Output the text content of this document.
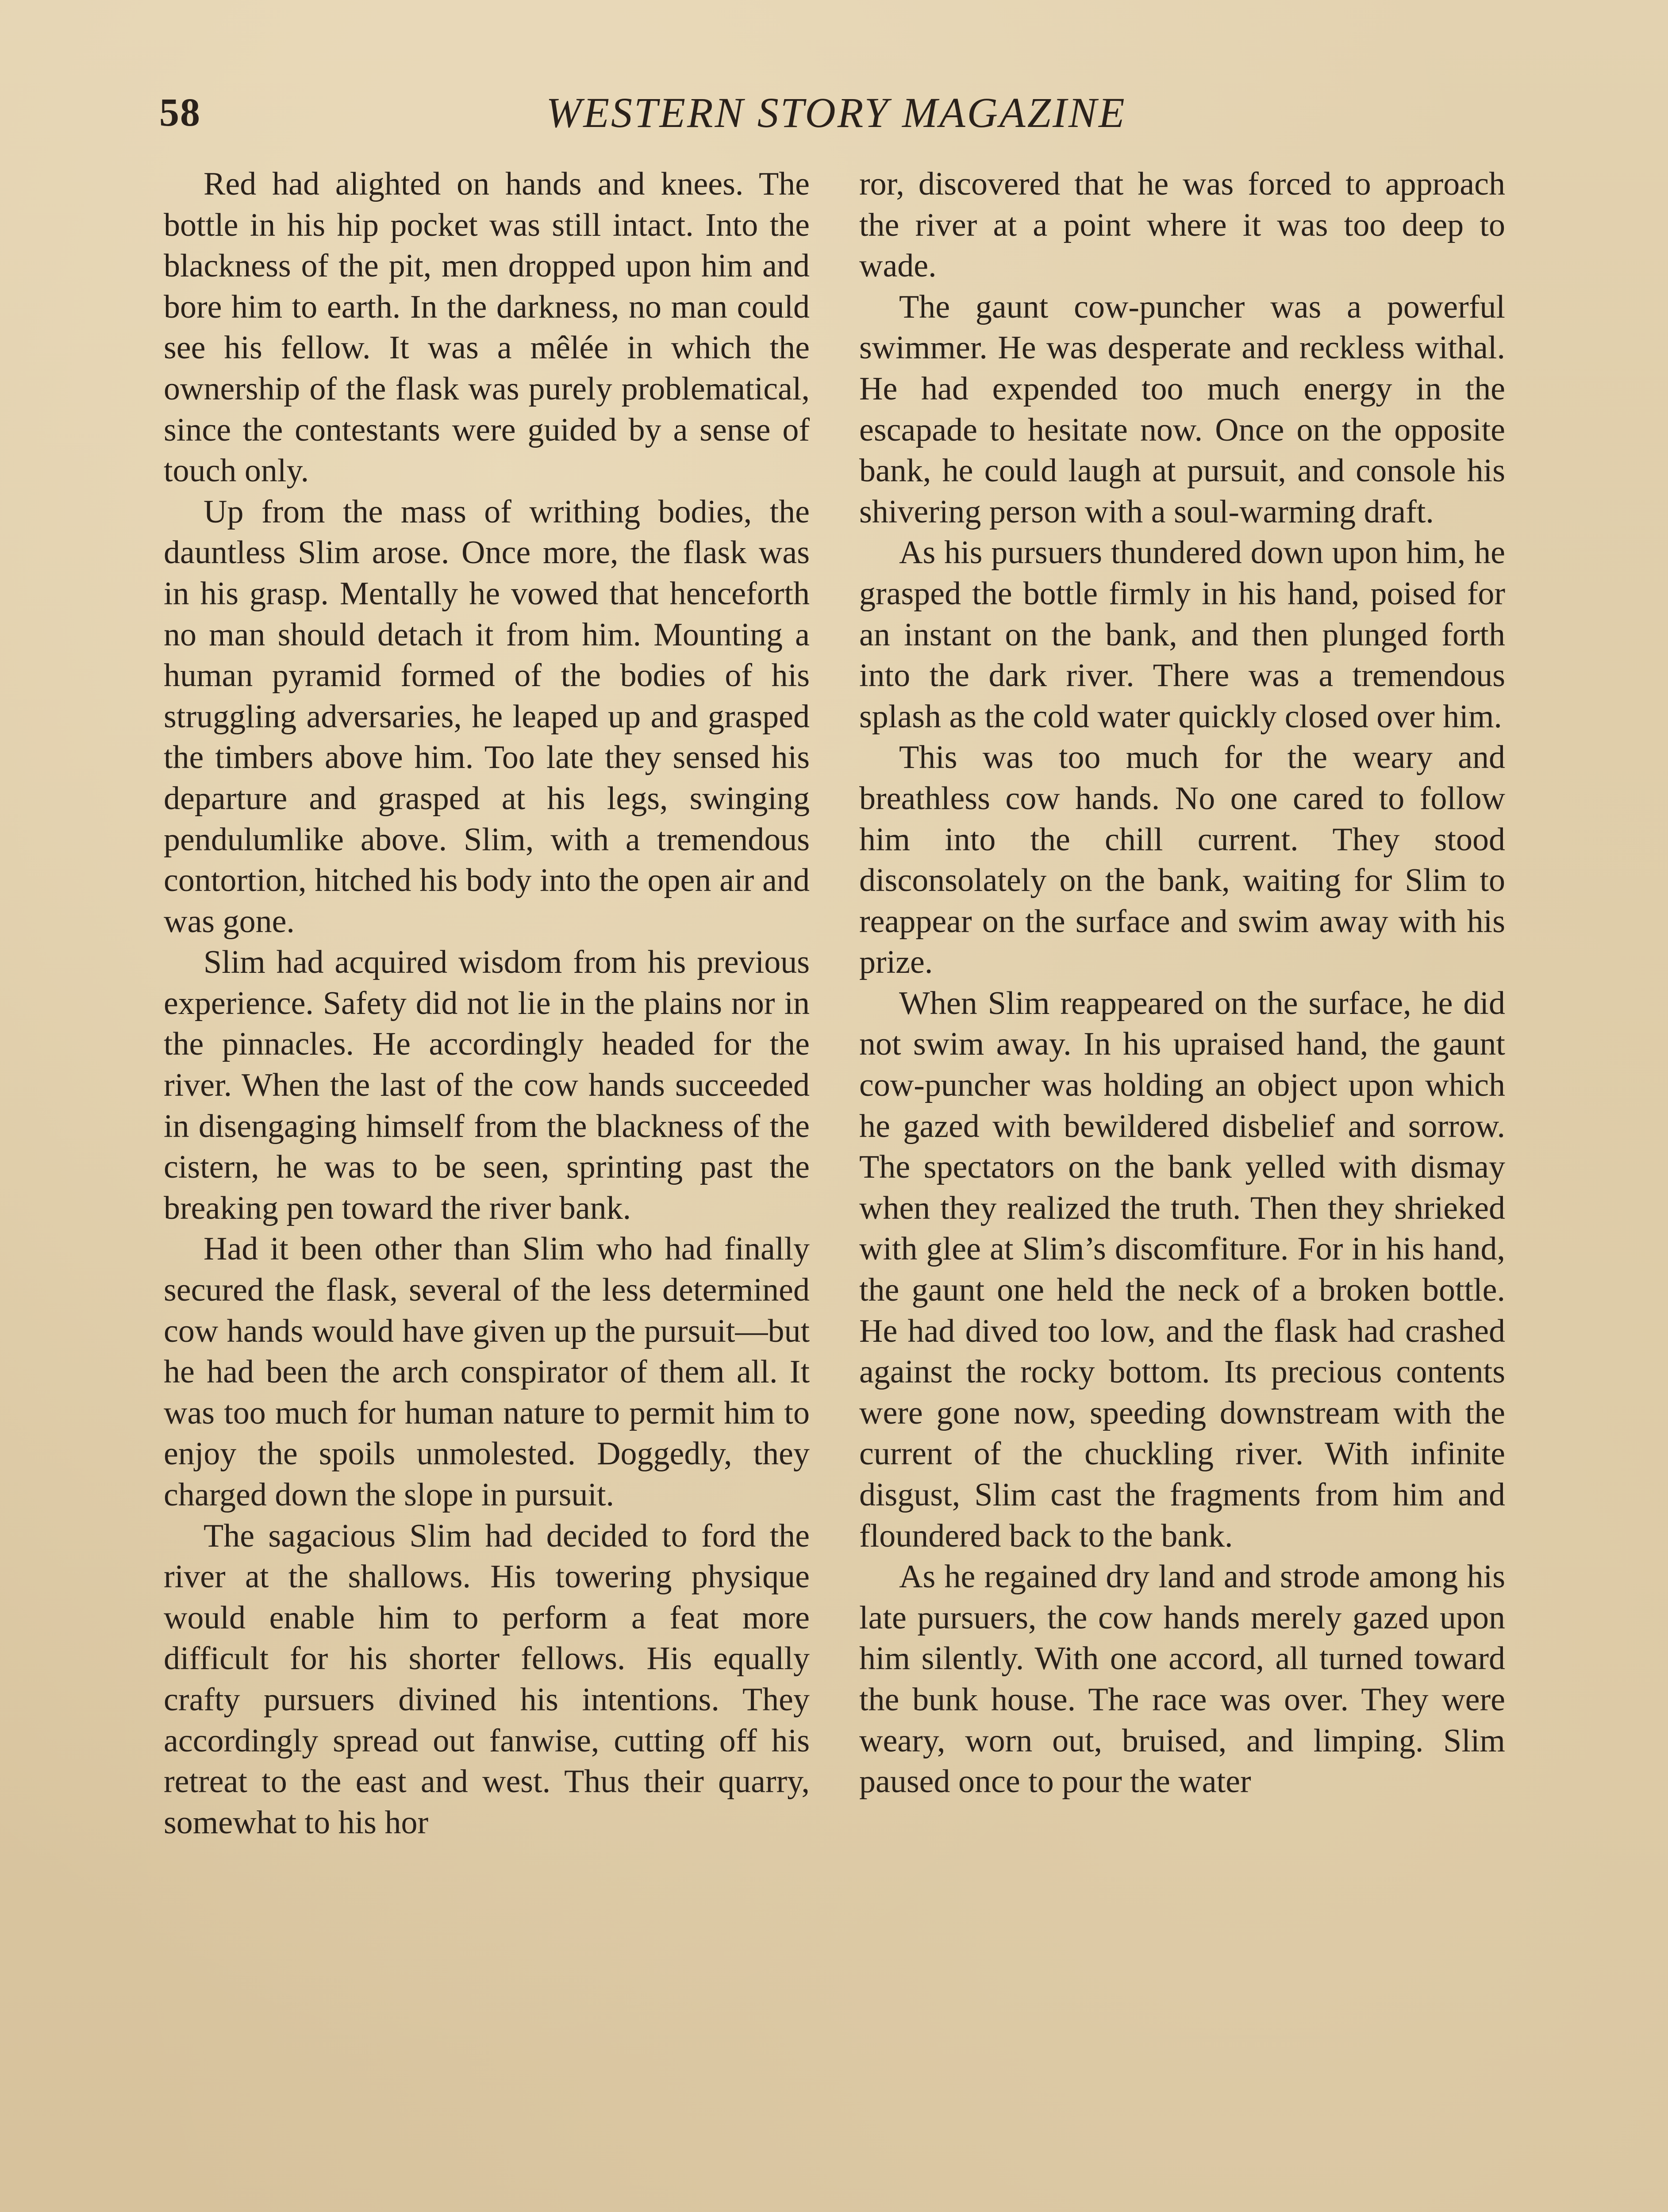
58	WESTERN STORY MAGAZINE

Red had alighted on hands and knees. The bottle in his hip pocket was still intact. Into the blackness of the pit, men dropped upon him and bore him to earth. In the darkness, no man could see his fellow. It was a mêlée in which the ownership of the flask was purely problematical, since the contestants were guided by a sense of touch only.

Up from the mass of writhing bodies, the dauntless Slim arose. Once more, the flask was in his grasp. Mentally he vowed that henceforth no man should detach it from him. Mounting a human pyramid formed of the bodies of his struggling adversaries, he leaped up and grasped the timbers above him. Too late they sensed his departure and grasped at his legs, swinging pendulumlike above. Slim, with a tremendous contortion, hitched his body into the open air and was gone.

Slim had acquired wisdom from his previous experience. Safety did not lie in the plains nor in the pinnacles. He accordingly headed for the river. When the last of the cow hands succeeded in disengaging himself from the blackness of the cistern, he was to be seen, sprinting past the breaking pen toward the river bank.

Had it been other than Slim who had finally secured the flask, several of the less determined cow hands would have given up the pursuit—but he had been the arch conspirator of them all. It was too much for human nature to permit him to enjoy the spoils unmolested. Doggedly, they charged down the slope in pursuit.

The sagacious Slim had decided to ford the river at the shallows. His towering physique would enable him to perform a feat more difficult for his shorter fellows. His equally crafty pursuers divined his intentions. They accordingly spread out fanwise, cutting off his retreat to the east and west. Thus their quarry, somewhat to his hor

ror, discovered that he was forced to approach the river at a point where it was too deep to wade.

The gaunt cow-puncher was a powerful swimmer. He was desperate and reckless withal. He had expended too much energy in the escapade to hesitate now. Once on the opposite bank, he could laugh at pursuit, and console his shivering person with a soul-warming draft.

As his pursuers thundered down upon him, he grasped the bottle firmly in his hand, poised for an instant on the bank, and then plunged forth into the dark river. There was a tremendous splash as the cold water quickly closed over him.

This was too much for the weary and breathless cow hands. No one cared to follow him into the chill current. They stood disconsolately on the bank, waiting for Slim to reappear on the surface and swim away with his prize.

When Slim reappeared on the surface, he did not swim away. In his upraised hand, the gaunt cow-puncher was holding an object upon which he gazed with bewildered disbelief and sorrow. The spectators on the bank yelled with dismay when they realized the truth. Then they shrieked with glee at Slim’s discomfiture. For in his hand, the gaunt one held the neck of a broken bottle. He had dived too low, and the flask had crashed against the rocky bottom. Its precious contents were gone now, speeding downstream with the current of the chuckling river. With infinite disgust, Slim cast the fragments from him and floundered back to the bank.

As he regained dry land and strode among his late pursuers, the cow hands merely gazed upon him silently. With one accord, all turned toward the bunk house. The race was over. They were weary, worn out, bruised, and limping. Slim paused once to pour the water
